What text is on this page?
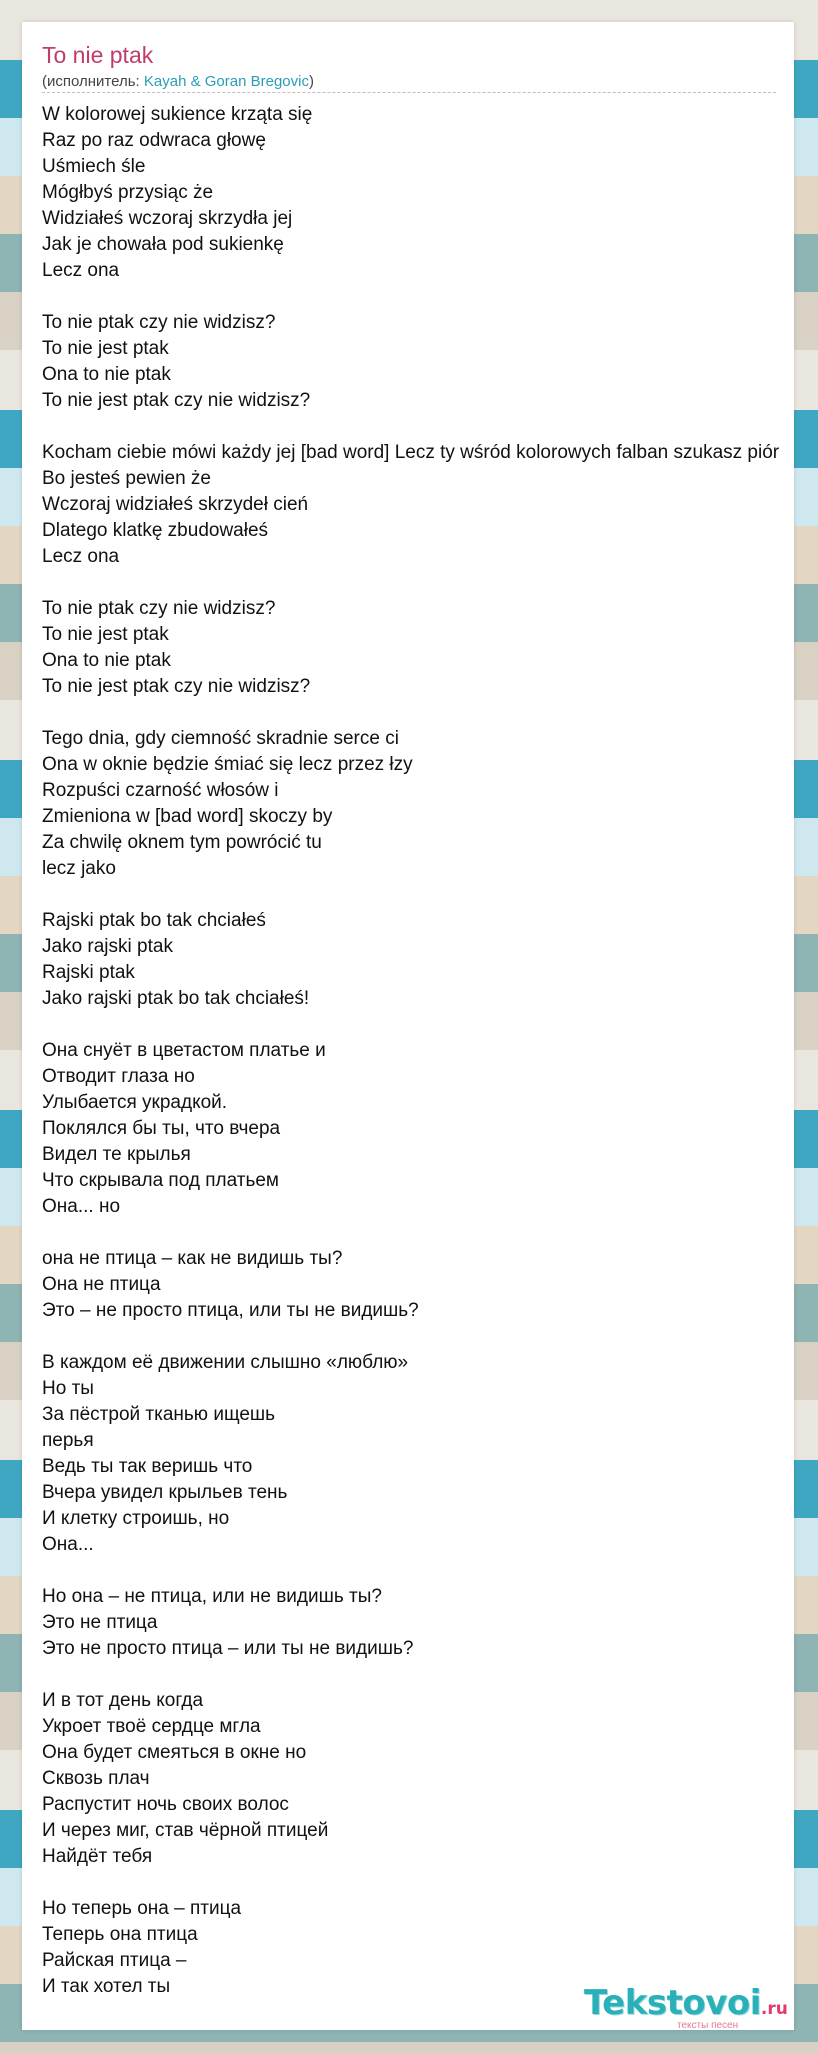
To nie ptak
(исполнитель: Kayah & Goran Bregovic)
W kolorowej sukience krząta się
Raz po raz odwraca głowę
Uśmiech śle
Mógłbyś przysiąc że
Widziałeś wczoraj skrzydła jej
Jak je chowała pod sukienkę
Lecz ona
To nie ptak czy nie widzisz?
To nie jest ptak
Ona to nie ptak
To nie jest ptak czy nie widzisz?
Kocham ciebie mówi każdy jej [bad word] Lecz ty wśród kolorowych falban szukasz piór
Bo jesteś pewien że
Wczoraj widziałeś skrzydeł cień
Dlatego klatkę zbudowałeś
Lecz ona
To nie ptak czy nie widzisz?
To nie jest ptak
Ona to nie ptak
To nie jest ptak czy nie widzisz?
Tego dnia, gdy ciemność skradnie serce ci
Ona w oknie będzie śmiać się lecz przez łzy
Rozpuści czarność włosów i
Zmieniona w [bad word] skoczy by
Za chwilę oknem tym powrócić tu
lecz jako
Rajski ptak bo tak chciałeś
Jako rajski ptak
Rajski ptak
Jako rajski ptak bo tak chciałeś!
Она снуёт в цветастом платье и
Отводит глаза но
Улыбается украдкой.
Поклялся бы ты, что вчера
Видел те крылья
Что скрывала под платьем
Она... но
она не птица – как не видишь ты?
Она не птица
Это – не просто птица, или ты не видишь?
В каждом её движении слышно «люблю»
Но ты
За пёстрой тканью ищешь
перья
Ведь ты так веришь что
Вчера увидел крыльев тень
И клетку строишь, но
Она...
Но она – не птица, или не видишь ты?
Это не птица
Это не просто птица – или ты не видишь?
И в тот день когда
Укроет твоё сердце мгла
Она будет смеяться в окне но
Сквозь плач
Распустит ночь своих волос
И через миг, став чёрной птицей
Найдёт тебя
Но теперь она – птица
Теперь она птица
Райская птица –
И так хотел ты	Tekstovoi.ru
тексты песен
